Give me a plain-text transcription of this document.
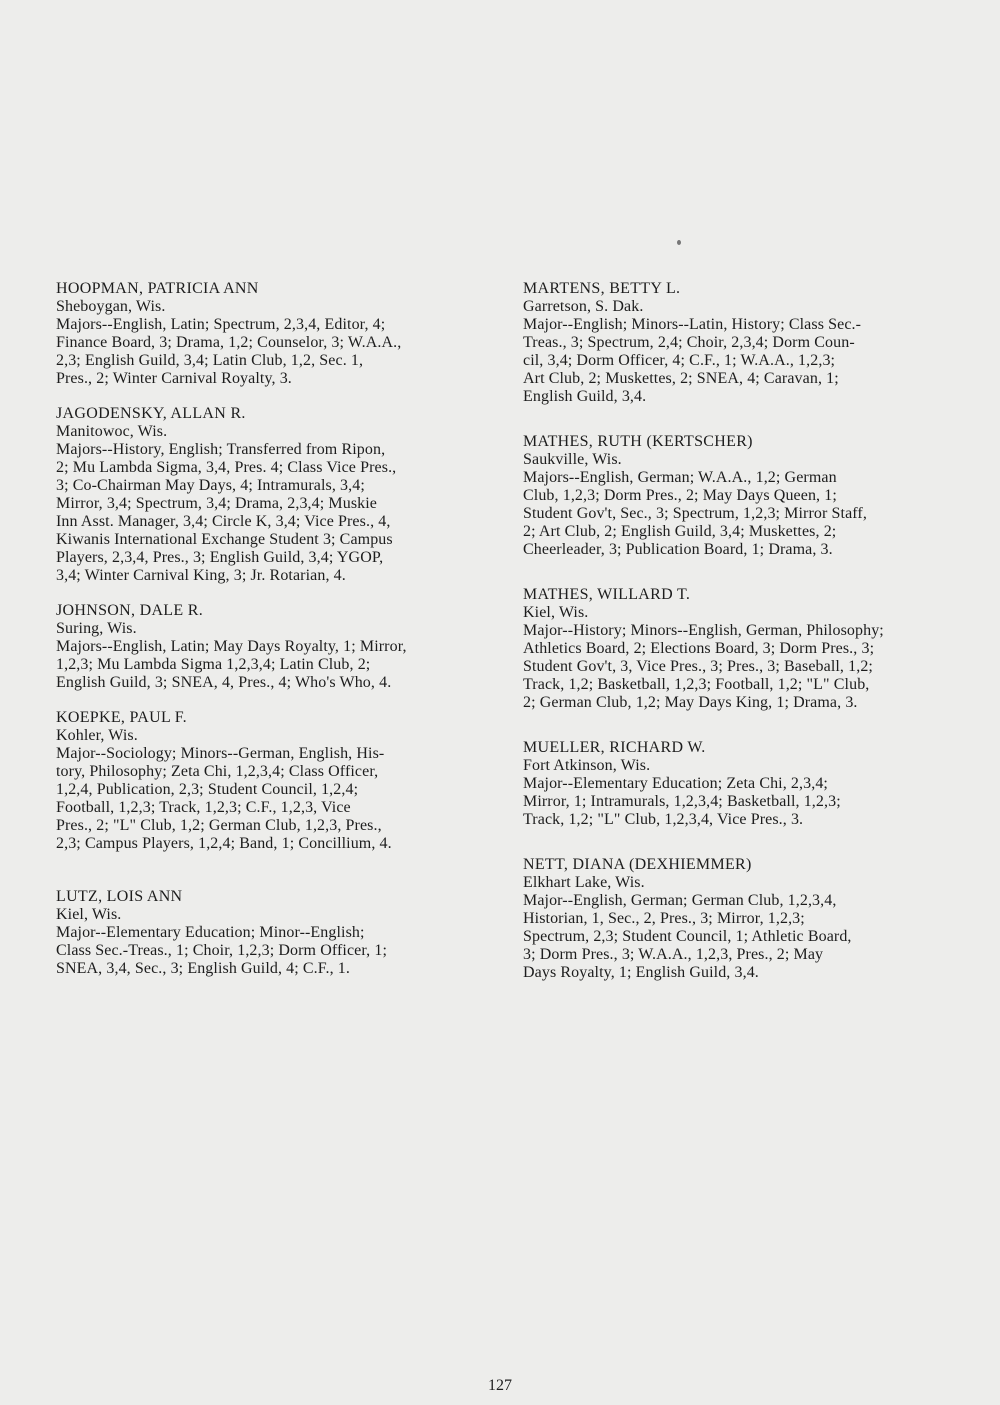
HOOPMAN, PATRICIA ANN
Sheboygan, Wis.
Majors--English, Latin; Spectrum, 2,3,4, Editor, 4;
Finance Board, 3; Drama, 1,2; Counselor, 3; W.A.A.,
2,3; English Guild, 3,4; Latin Club, 1,2, Sec. 1,
Pres., 2; Winter Carnival Royalty, 3.
JAGODENSKY, ALLAN R.
Manitowoc, Wis.
Majors--History, English; Transferred from Ripon,
2; Mu Lambda Sigma, 3,4, Pres. 4; Class Vice Pres.,
3; Co-Chairman May Days, 4; Intramurals, 3,4;
Mirror, 3,4; Spectrum, 3,4; Drama, 2,3,4; Muskie
Inn Asst. Manager, 3,4; Circle K, 3,4; Vice Pres., 4,
Kiwanis International Exchange Student 3; Campus
Players, 2,3,4, Pres., 3; English Guild, 3,4; YGOP,
3,4; Winter Carnival King, 3; Jr. Rotarian, 4.
JOHNSON, DALE R.
Suring, Wis.
Majors--English, Latin; May Days Royalty, 1; Mirror,
1,2,3; Mu Lambda Sigma 1,2,3,4; Latin Club, 2;
English Guild, 3; SNEA, 4, Pres., 4; Who's Who, 4.
KOEPKE, PAUL F.
Kohler, Wis.
Major--Sociology; Minors--German, English, His-
tory, Philosophy; Zeta Chi, 1,2,3,4; Class Officer,
1,2,4, Publication, 2,3; Student Council, 1,2,4;
Football, 1,2,3; Track, 1,2,3; C.F., 1,2,3, Vice
Pres., 2; "L" Club, 1,2; German Club, 1,2,3, Pres.,
2,3; Campus Players, 1,2,4; Band, 1; Concillium, 4.
LUTZ, LOIS ANN
Kiel, Wis.
Major--Elementary Education; Minor--English;
Class Sec.-Treas., 1; Choir, 1,2,3; Dorm Officer, 1;
SNEA, 3,4, Sec., 3; English Guild, 4; C.F., 1.
MARTENS, BETTY L.
Garretson, S. Dak.
Major--English; Minors--Latin, History; Class Sec.-
Treas., 3; Spectrum, 2,4; Choir, 2,3,4; Dorm Coun-
cil, 3,4; Dorm Officer, 4; C.F., 1; W.A.A., 1,2,3;
Art Club, 2; Muskettes, 2; SNEA, 4; Caravan, 1;
English Guild, 3,4.
MATHES, RUTH (KERTSCHER)
Saukville, Wis.
Majors--English, German; W.A.A., 1,2; German
Club, 1,2,3; Dorm Pres., 2; May Days Queen, 1;
Student Gov't, Sec., 3; Spectrum, 1,2,3; Mirror Staff,
2; Art Club, 2; English Guild, 3,4; Muskettes, 2;
Cheerleader, 3; Publication Board, 1; Drama, 3.
MATHES, WILLARD T.
Kiel, Wis.
Major--History; Minors--English, German, Philosophy;
Athletics Board, 2; Elections Board, 3; Dorm Pres., 3;
Student Gov't, 3, Vice Pres., 3; Pres., 3; Baseball, 1,2;
Track, 1,2; Basketball, 1,2,3; Football, 1,2; "L" Club,
2; German Club, 1,2; May Days King, 1; Drama, 3.
MUELLER, RICHARD W.
Fort Atkinson, Wis.
Major--Elementary Education; Zeta Chi, 2,3,4;
Mirror, 1; Intramurals, 1,2,3,4; Basketball, 1,2,3;
Track, 1,2; "L" Club, 1,2,3,4, Vice Pres., 3.
NETT, DIANA (DEXHIEMMER)
Elkhart Lake, Wis.
Major--English, German; German Club, 1,2,3,4,
Historian, 1, Sec., 2, Pres., 3; Mirror, 1,2,3;
Spectrum, 2,3; Student Council, 1; Athletic Board,
3; Dorm Pres., 3; W.A.A., 1,2,3, Pres., 2; May
Days Royalty, 1; English Guild, 3,4.
127
